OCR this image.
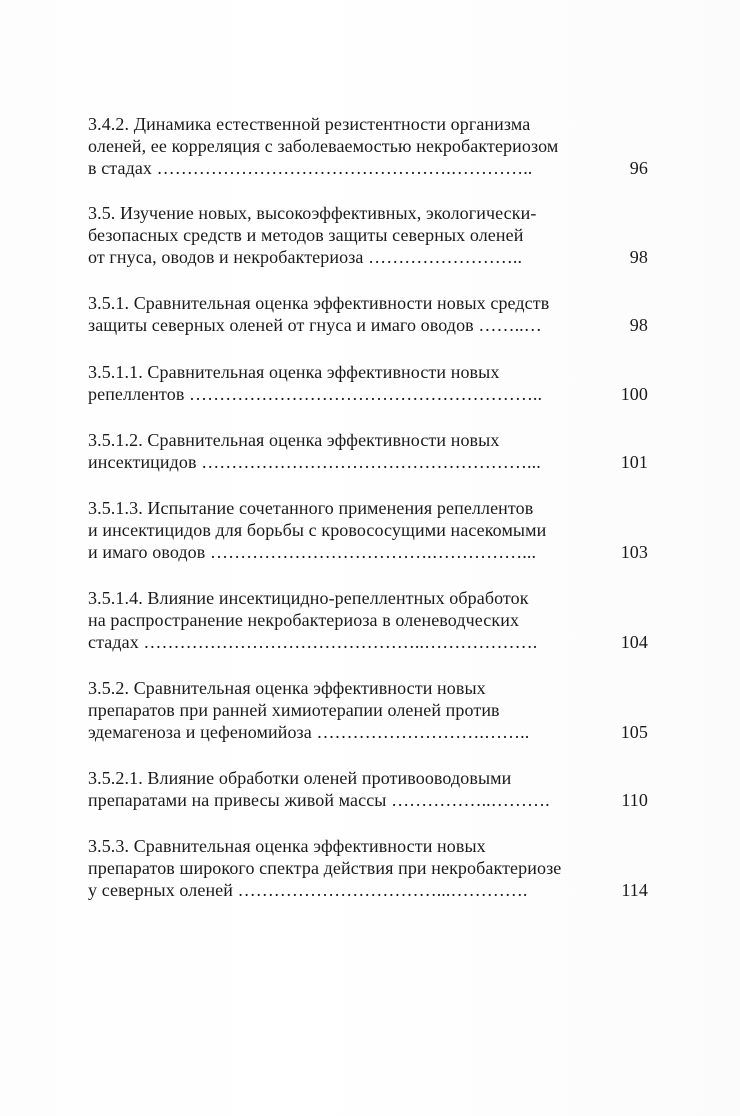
3.4.2. Динамика естественной резистентности организма
оленей, ее корреляция с заболеваемостью некробактериозом
в стадах ………………………………………….…………..	96
3.5. Изучение новых, высокоэффективных, экологически-
безопасных средств и методов защиты северных оленей
от гнуса, оводов и некробактериоза ……………………..	98
3.5.1. Сравнительная оценка эффективности новых средств
защиты северных оленей от гнуса и имаго оводов ……..…	98
3.5.1.1. Сравнительная оценка эффективности новых
репеллентов …………………………………………………..	100
3.5.1.2. Сравнительная оценка эффективности новых
инсектицидов ………………………………………………...	101
3.5.1.3. Испытание сочетанного применения репеллентов
и инсектицидов для борьбы с кровососущими насекомыми
и имаго оводов ……………………………….……………...	103
3.5.1.4. Влияние инсектицидно-репеллентных обработок
на распространение некробактериоза в оленеводческих
стадах ………………………………………..……………….	104
3.5.2. Сравнительная оценка эффективности новых
препаратов при ранней химиотерапии оленей против
эдемагеноза и цефеномийоза ……………………….……..	105
3.5.2.1. Влияние обработки оленей противооводовыми
препаратами на привесы живой массы ……………..……….	110
3.5.3. Сравнительная оценка эффективности новых
препаратов широкого спектра действия при некробактериозе
у северных оленей ……………………………...………….	114
